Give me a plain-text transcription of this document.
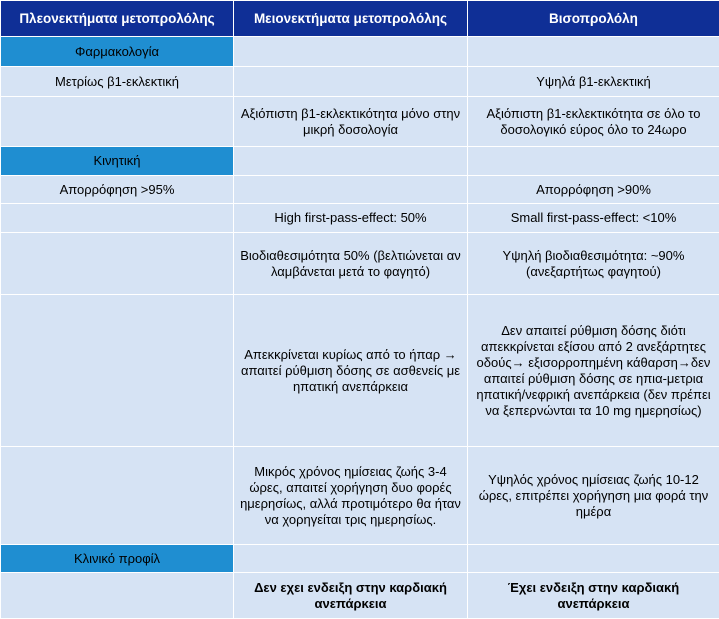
Πλεονεκτήματα μετοπρολόλης	Μειονεκτήματα μετοπρολόλης	Βισοπρολόλη
Φαρμακολογία		
Μετρίως β1-εκλεκτική		Υψηλά β1-εκλεκτική
	Αξιόπιστη β1-εκλεκτικότητα μόνο στην μικρή δοσολογία	Αξιόπιστη β1-εκλεκτικότητα σε όλο το δοσολογικό εύρος όλο το 24ωρο
Κινητική		
Απορρόφηση >95%		Απορρόφηση >90%
	High first-pass-effect: 50%	Small first-pass-effect: <10%
	Βιοδιαθεσιμότητα 50% (βελτιώνεται αν λαμβάνεται μετά το φαγητό)	Υψηλή βιοδιαθεσιμότητα: ~90% (ανεξαρτήτως φαγητού)
	Απεκκρίνεται κυρίως από το ήπαρ → απαιτεί ρύθμιση δόσης σε ασθενείς με ηπατική ανεπάρκεια	Δεν απαιτεί ρύθμιση δόσης διότι απεκκρίνεται εξίσου από 2 ανεξάρτητες οδούς→ εξισορροπημένη κάθαρση→δεν απαιτεί ρύθμιση δόσης σε ηπια-μετρια ηπατική/νεφρική ανεπάρκεια (δεν πρέπει να ξεπερνώνται τα 10 mg ημερησίως)
	Μικρός χρόνος ημίσειας ζωής 3-4 ώρες, απαιτεί χορήγηση δυο φορές ημερησίως, αλλά προτιμότερο θα ήταν να χορηγείται τρις ημερησίως.	Υψηλός χρόνος ημίσειας ζωής 10-12 ώρες, επιτρέπει χορήγηση μια φορά την ημέρα
Κλινικό προφίλ		
	Δεν εχει ενδειξη στην καρδιακή ανεπάρκεια	Έχει ενδειξη στην καρδιακή ανεπάρκεια
